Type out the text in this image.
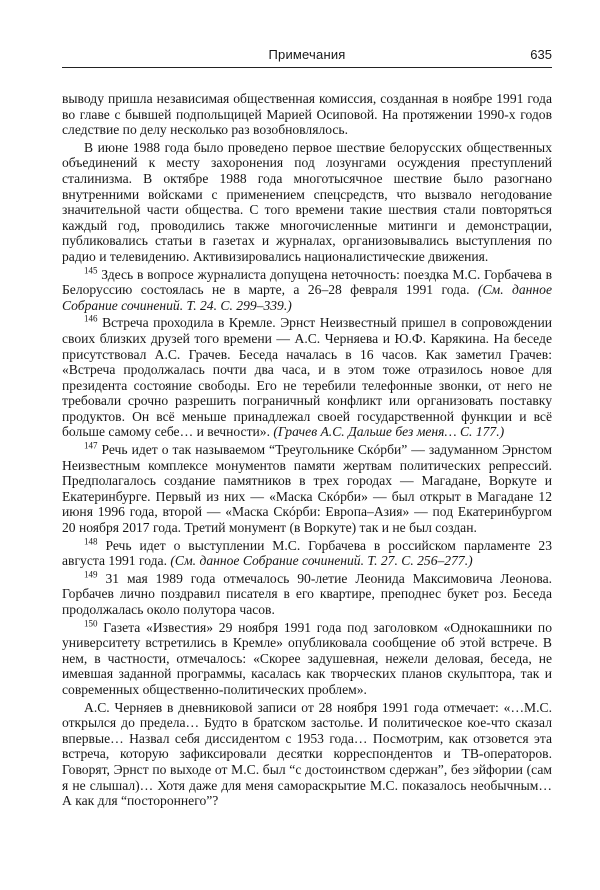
Примечания	635

выводу пришла независимая общественная комиссия, созданная в ноябре 1991 года во главе с бывшей подпольщицей Марией Осиповой. На протяжении 1990-х годов следствие по делу несколько раз возобновлялось.

В июне 1988 года было проведено первое шествие белорусских общественных объединений к месту захоронения под лозунгами осуждения преступлений сталинизма. В октябре 1988 года многотысячное шествие было разогнано внутренними войсками с применением спецсредств, что вызвало негодование значительной части общества. С того времени такие шествия стали повторяться каждый год, проводились также многочисленные митинги и демонстрации, публиковались статьи в газетах и журналах, организовывались выступления по радио и телевидению. Активизировались националистические движения.

$^{145}$ Здесь в вопросе журналиста допущена неточность: поездка М.С. Горбачева в Белоруссию состоялась не в марте, а 26–28 февраля 1991 года. (См. данное Собрание сочинений. Т. 24. С. 299–339.)

$^{146}$ Встреча проходила в Кремле. Эрнст Неизвестный пришел в сопровождении своих близких друзей того времени — А.С. Черняева и Ю.Ф. Карякина. На беседе присутствовал А.С. Грачев. Беседа началась в 16 часов. Как заметил Грачев: «Встреча продолжалась почти два часа, и в этом тоже отразилось новое для президента состояние свободы. Его не теребили телефонные звонки, от него не требовали срочно разрешить пограничный конфликт или организовать поставку продуктов. Он всё меньше принадлежал своей государственной функции и всё больше самому себе… и вечности». (Грачев А.С. Дальше без меня… С. 177.)

$^{147}$ Речь идет о так называемом “Треугольнике Скóрби” — задуманном Эрнстом Неизвестным комплексе монументов памяти жертвам политических репрессий. Предполагалось создание памятников в трех городах — Магадане, Воркуте и Екатеринбурге. Первый из них — «Маска Скóрби» — был открыт в Магадане 12 июня 1996 года, второй — «Маска Скóрби: Европа–Азия» — под Екатеринбургом 20 ноября 2017 года. Третий монумент (в Воркуте) так и не был создан.

$^{148}$ Речь идет о выступлении М.С. Горбачева в российском парламенте 23 августа 1991 года. (См. данное Собрание сочинений. Т. 27. С. 256–277.)

$^{149}$ 31 мая 1989 года отмечалось 90-летие Леонида Максимовича Леонова. Горбачев лично поздравил писателя в его квартире, преподнес букет роз. Беседа продолжалась около полутора часов.

$^{150}$ Газета «Известия» 29 ноября 1991 года под заголовком «Однокашники по университету встретились в Кремле» опубликовала сообщение об этой встрече. В нем, в частности, отмечалось: «Скорее задушевная, нежели деловая, беседа, не имевшая заданной программы, касалась как творческих планов скульптора, так и современных общественно-политических проблем».

А.С. Черняев в дневниковой записи от 28 ноября 1991 года отмечает: «…М.С. открылся до предела… Будто в братском застолье. И политическое кое-что сказал впервые… Назвал себя диссидентом с 1953 года… Посмотрим, как отзовется эта встреча, которую зафиксировали десятки корреспондентов и ТВ-операторов. Говорят, Эрнст по выходе от М.С. был “с достоинством сдержан”, без эйфории (сам я не слышал)… Хотя даже для меня самораскрытие М.С. показалось необычным… А как для “постороннего”?
